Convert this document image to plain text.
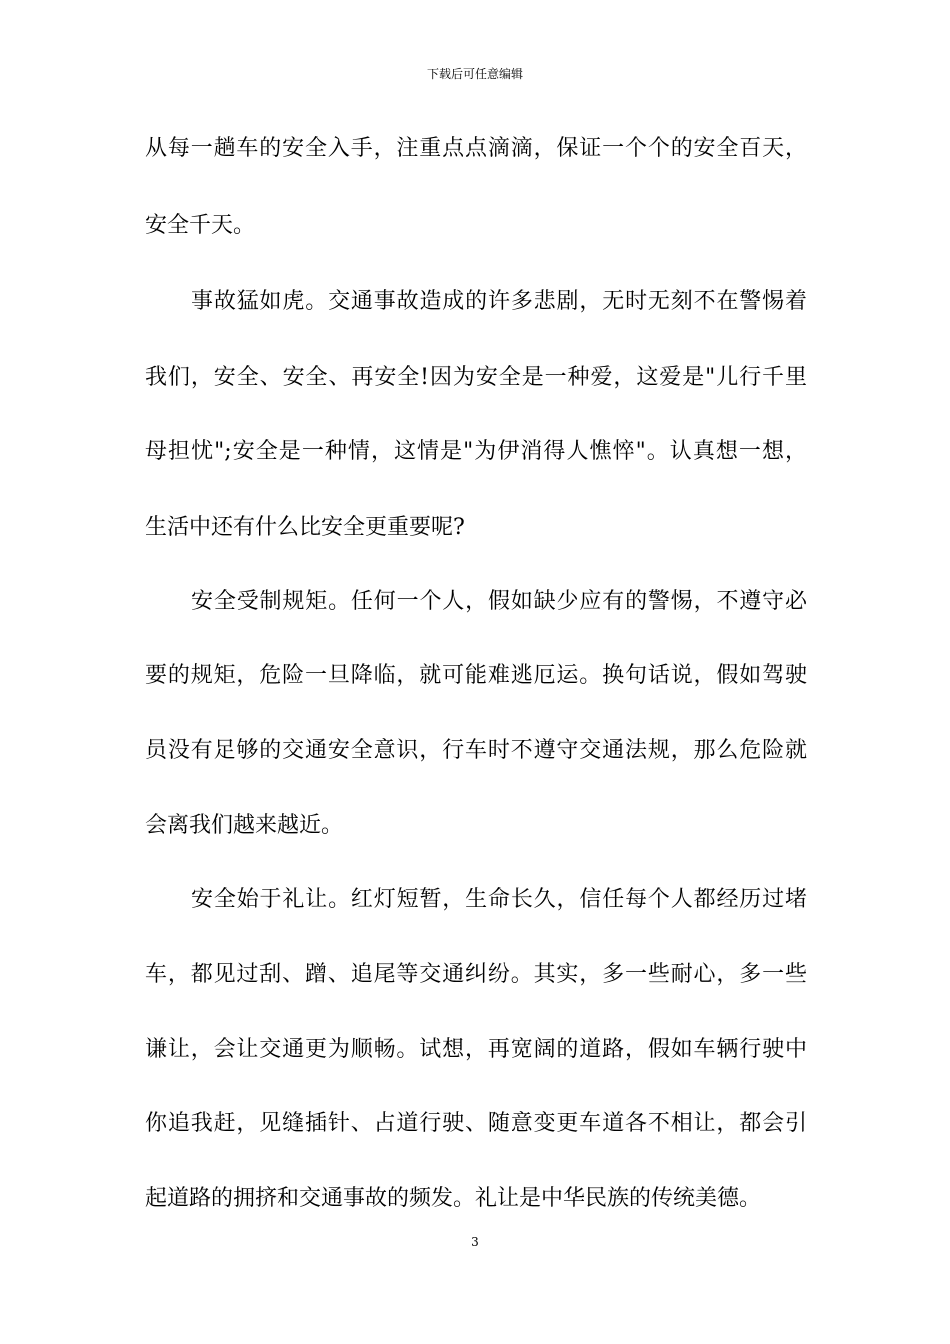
下载后可任意编辑
从每一趟车的安全入手，注重点点滴滴，保证一个个的安全百天，
安全千天。
事故猛如虎。交通事故造成的许多悲剧，无时无刻不在警惕着
我们，安全、安全、再安全!因为安全是一种爱，这爱是"儿行千里
母担忧";安全是一种情，这情是"为伊消得人憔悴"。认真想一想，
生活中还有什么比安全更重要呢?
安全受制规矩。任何一个人，假如缺少应有的警惕，不遵守必
要的规矩，危险一旦降临，就可能难逃厄运。换句话说，假如驾驶
员没有足够的交通安全意识，行车时不遵守交通法规，那么危险就
会离我们越来越近。
安全始于礼让。红灯短暂，生命长久，信任每个人都经历过堵
车，都见过刮、蹭、追尾等交通纠纷。其实，多一些耐心，多一些
谦让，会让交通更为顺畅。试想，再宽阔的道路，假如车辆行驶中
你追我赶，见缝插针、占道行驶、随意变更车道各不相让，都会引
起道路的拥挤和交通事故的频发。礼让是中华民族的传统美德。
3
